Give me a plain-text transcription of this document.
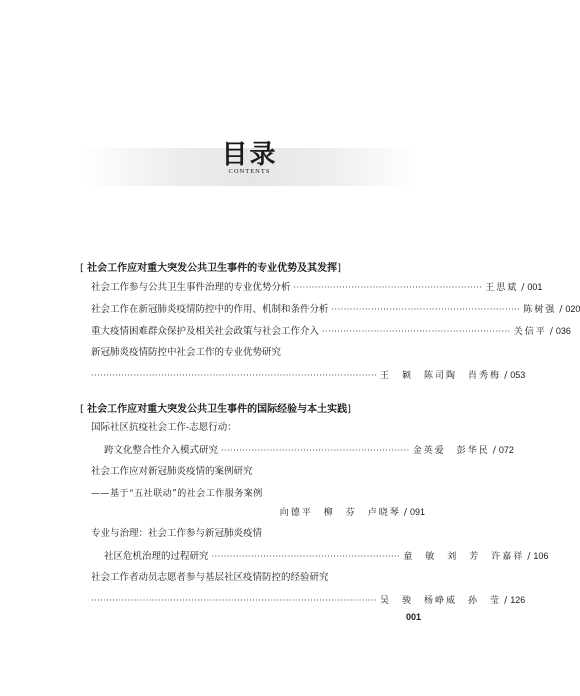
目录
CONTENTS
[ 社会工作应对重大突发公共卫生事件的专业优势及其发挥]
社会工作参与公共卫生事件治理的专业优势分析 ······························································ 王思斌 / 001
社会工作在新冠肺炎疫情防控中的作用、机制和条件分析 ······························································ 陈树强 / 020
重大疫情困难群众保护及相关社会政策与社会工作介入 ······························································ 关信平 / 036
新冠肺炎疫情防控中社会工作的专业优势研究
······························································································ 王　颖　陈司陶　肖秀梅 / 053
[ 社会工作应对重大突发公共卫生事件的国际经验与本土实践]
国际社区抗疫社会工作-志愿行动：
跨文化整合性介入模式研究 ······························································ 金英爱　彭华民 / 072
社会工作应对新冠肺炎疫情的案例研究
——基于“五社联动”的社会工作服务案例
向德平　柳　芬　卢晓琴 / 091
专业与治理：社会工作参与新冠肺炎疫情
社区危机治理的过程研究 ······························································ 童　敏　刘　芳　许嘉祥 / 106
社会工作者动员志愿者参与基层社区疫情防控的经验研究
······························································································ 吴　骏　杨峥威　孙　莹 / 126
001
